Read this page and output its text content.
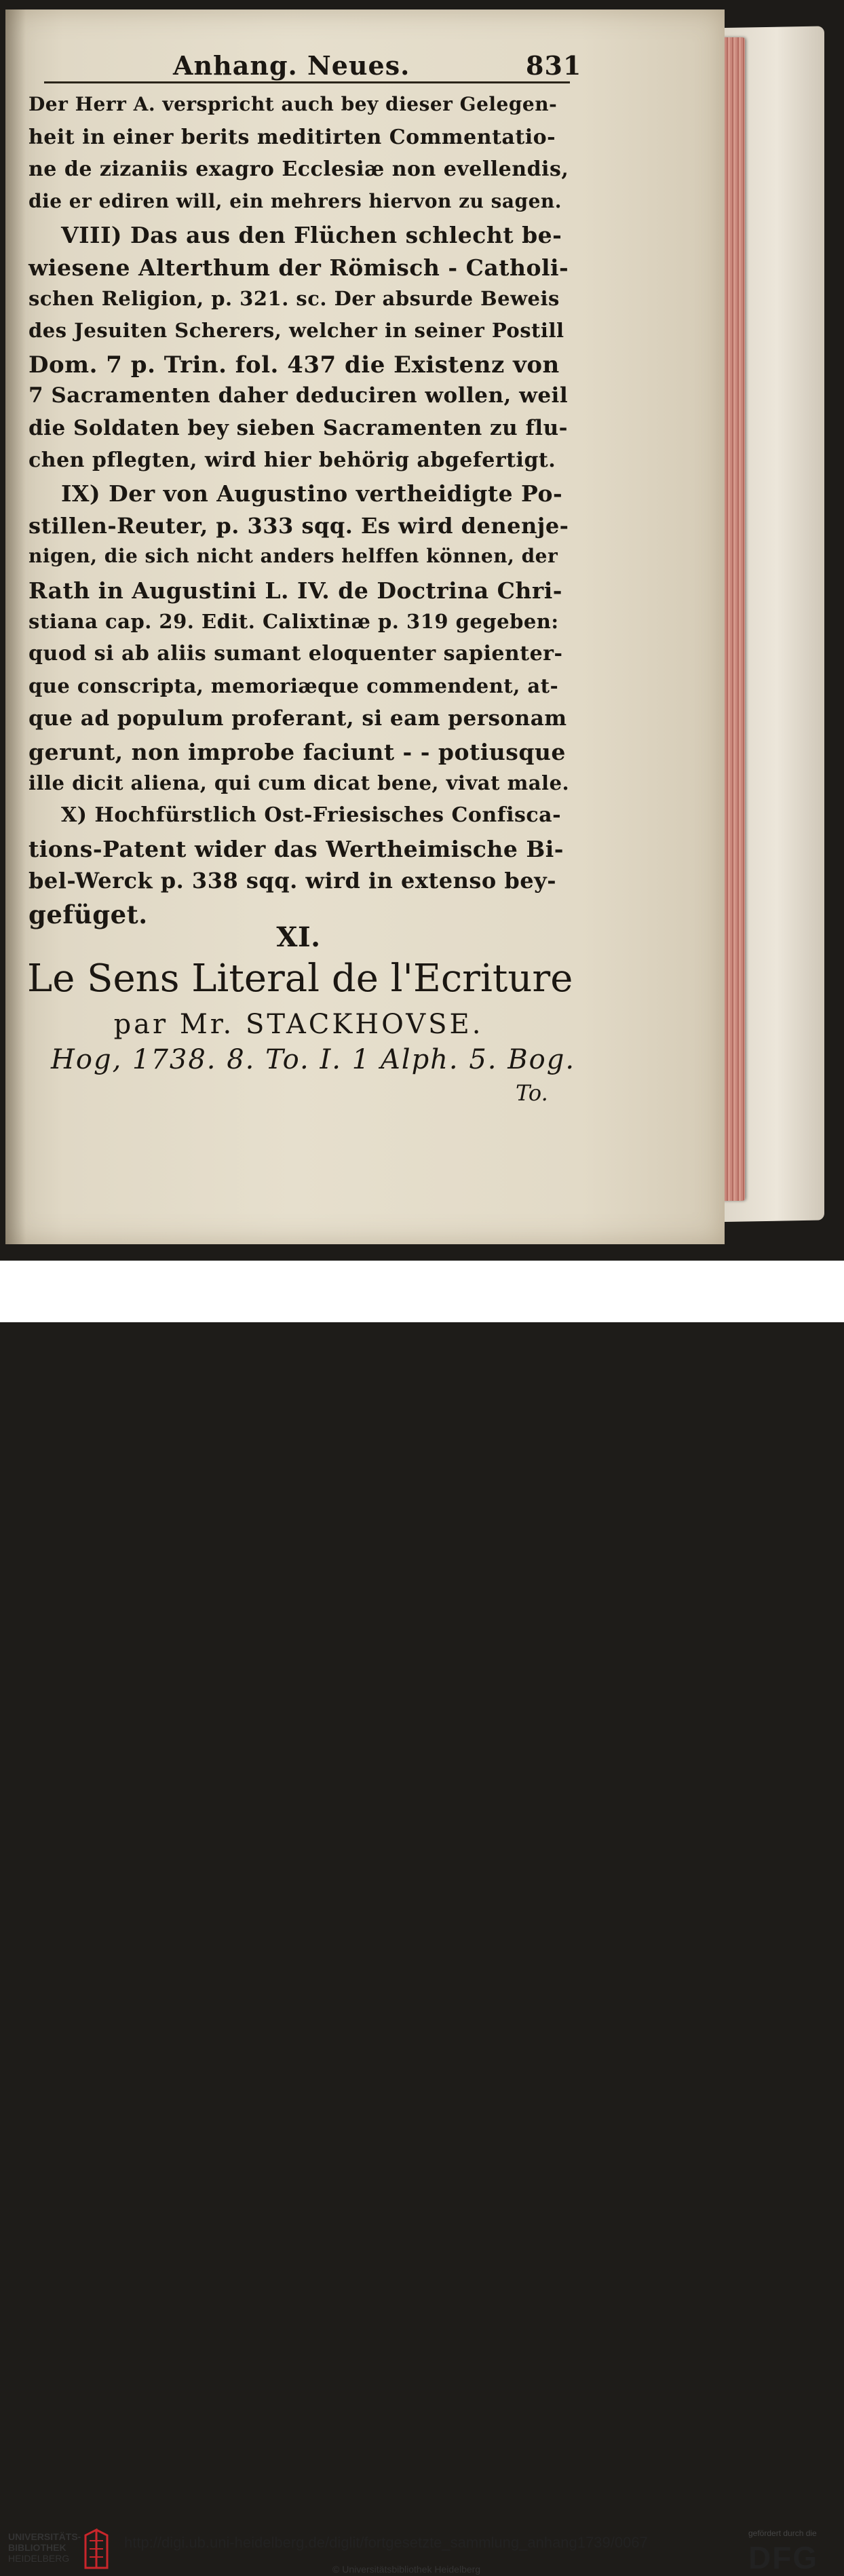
Anhang. Neues.	831
XI.
Le Sens Literal de l'Ecriture
par Mr. STACKHOVSE.
Hog, 1738. 8. To. I. 1 Alph. 5. Bog.
To.
Der Herr A. verspricht auch bey dieser Gelegen-
heit in einer berits meditirten Commentatio-
ne de zizaniis exagro Ecclesiæ non evellendis,
die er ediren will, ein mehrers hiervon zu sagen.
VIII) Das aus den Flüchen schlecht be-
wiesene Alterthum der Römisch - Catholi-
schen Religion, p. 321. sc. Der absurde Beweis
des Jesuiten Scherers, welcher in seiner Postill
Dom. 7 p. Trin. fol. 437 die Existenz von
7 Sacramenten daher deduciren wollen, weil
die Soldaten bey sieben Sacramenten zu flu-
chen pflegten, wird hier behörig abgefertigt.
IX) Der von Augustino vertheidigte Po-
stillen-Reuter, p. 333 sqq. Es wird denenje-
nigen, die sich nicht anders helffen können, der
Rath in Augustini L. IV. de Doctrina Chri-
stiana cap. 29. Edit. Calixtinæ p. 319 gegeben:
quod si ab aliis sumant eloquenter sapienter-
que conscripta, memoriæque commendent, at-
que ad populum proferant, si eam personam
gerunt, non improbe faciunt - - potiusque
ille dicit aliena, qui cum dicat bene, vivat male.
X) Hochfürstlich Ost-Friesisches Confisca-
tions-Patent wider das Wertheimische Bi-
bel-Werck p. 338 sqq. wird in extenso bey-
gefüget.
UNIVERSITÄTS-
BIBLIOTHEK
HEIDELBERG
http://digi.ub.uni-heidelberg.de/diglit/fortgesetzte_sammlung_anhang1739/0067
© Universitätsbibliothek Heidelberg
gefördert durch die
DFG
